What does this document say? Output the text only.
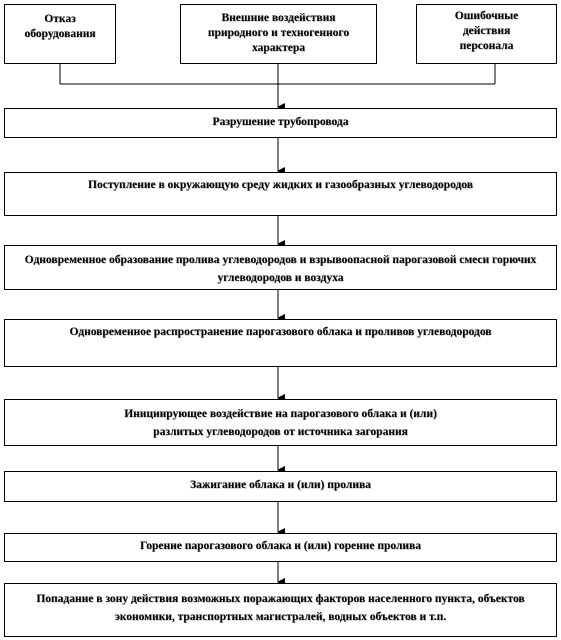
Отказ
оборудования
Внешние воздействия
природного и техногенного
характера
Ошибочные
действия
персонала
Разрушение трубопровода
Поступление в окружающую среду жидких и газообразных углеводородов
Одновременное образование пролива углеводородов и взрывоопасной парогазовой смеси горючих углеводородов и воздуха
Одновременное распространение парогазового облака и проливов углеводородов
Инициирующее воздействие на парогазового облака и (или) разлитых углеводородов от источника загорания
Зажигание облака и (или) пролива
Горение парогазового облака и (или) горение пролива
Попадание в зону действия возможных поражающих факторов населенного пункта, объектов экономики, транспортных магистралей, водных объектов и т.п.
